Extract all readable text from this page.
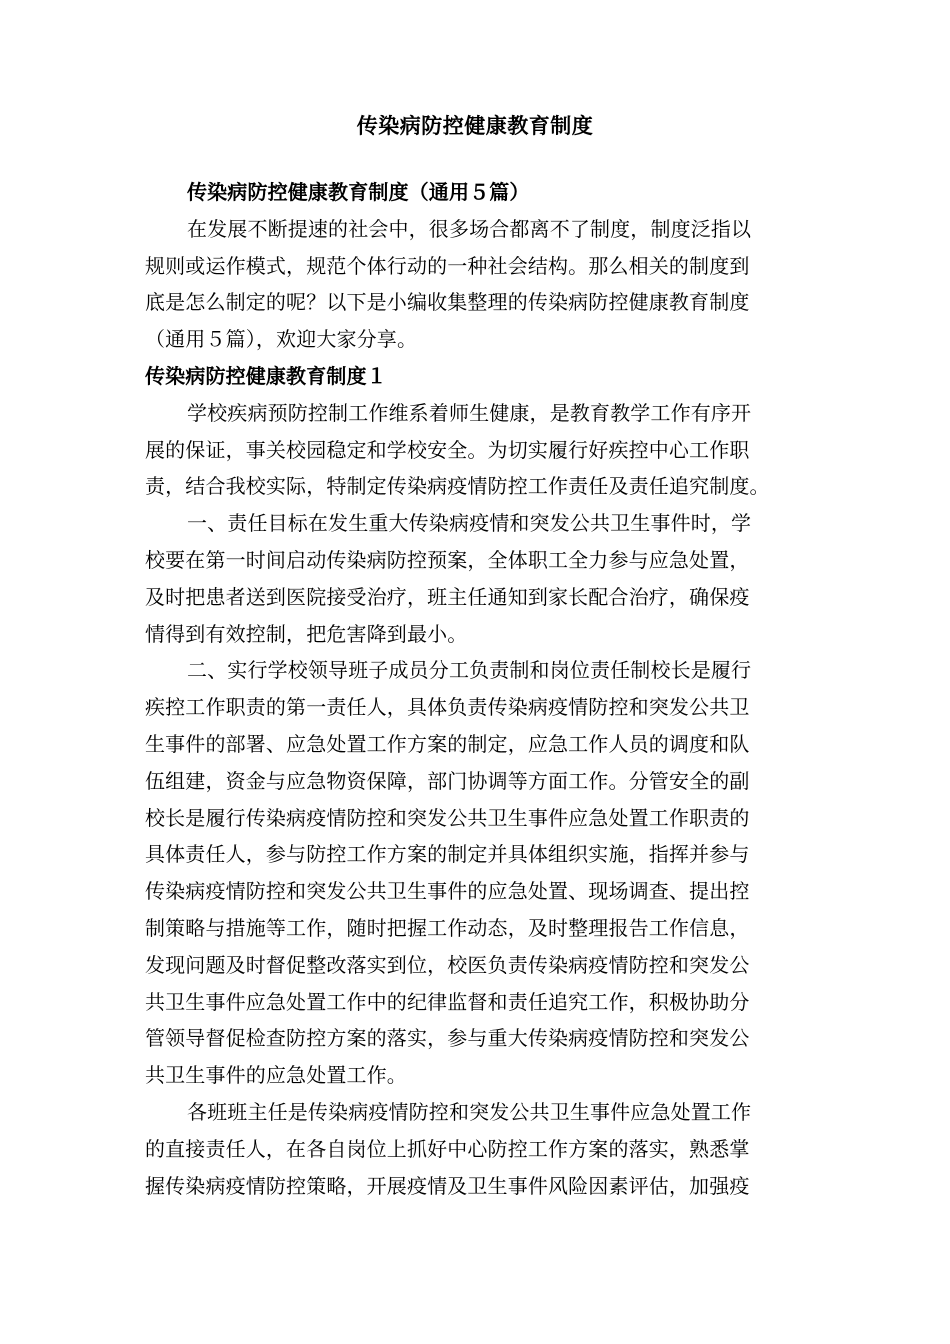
传染病防控健康教育制度
传染病防控健康教育制度（通用５篇）
在发展不断提速的社会中，很多场合都离不了制度，制度泛指以
规则或运作模式，规范个体行动的一种社会结构。那么相关的制度到
底是怎么制定的呢？以下是小编收集整理的传染病防控健康教育制度
（通用５篇），欢迎大家分享。
传染病防控健康教育制度１
学校疾病预防控制工作维系着师生健康，是教育教学工作有序开
展的保证，事关校园稳定和学校安全。为切实履行好疾控中心工作职
责，结合我校实际，特制定传染病疫情防控工作责任及责任追究制度。
一、责任目标在发生重大传染病疫情和突发公共卫生事件时，学
校要在第一时间启动传染病防控预案，全体职工全力参与应急处置，
及时把患者送到医院接受治疗，班主任通知到家长配合治疗，确保疫
情得到有效控制，把危害降到最小。
二、实行学校领导班子成员分工负责制和岗位责任制校长是履行
疾控工作职责的第一责任人，具体负责传染病疫情防控和突发公共卫
生事件的部署、应急处置工作方案的制定，应急工作人员的调度和队
伍组建，资金与应急物资保障，部门协调等方面工作。分管安全的副
校长是履行传染病疫情防控和突发公共卫生事件应急处置工作职责的
具体责任人，参与防控工作方案的制定并具体组织实施，指挥并参与
传染病疫情防控和突发公共卫生事件的应急处置、现场调查、提出控
制策略与措施等工作，随时把握工作动态，及时整理报告工作信息，
发现问题及时督促整改落实到位，校医负责传染病疫情防控和突发公
共卫生事件应急处置工作中的纪律监督和责任追究工作，积极协助分
管领导督促检查防控方案的落实，参与重大传染病疫情防控和突发公
共卫生事件的应急处置工作。
各班班主任是传染病疫情防控和突发公共卫生事件应急处置工作
的直接责任人，在各自岗位上抓好中心防控工作方案的落实，熟悉掌
握传染病疫情防控策略，开展疫情及卫生事件风险因素评估，加强疫
